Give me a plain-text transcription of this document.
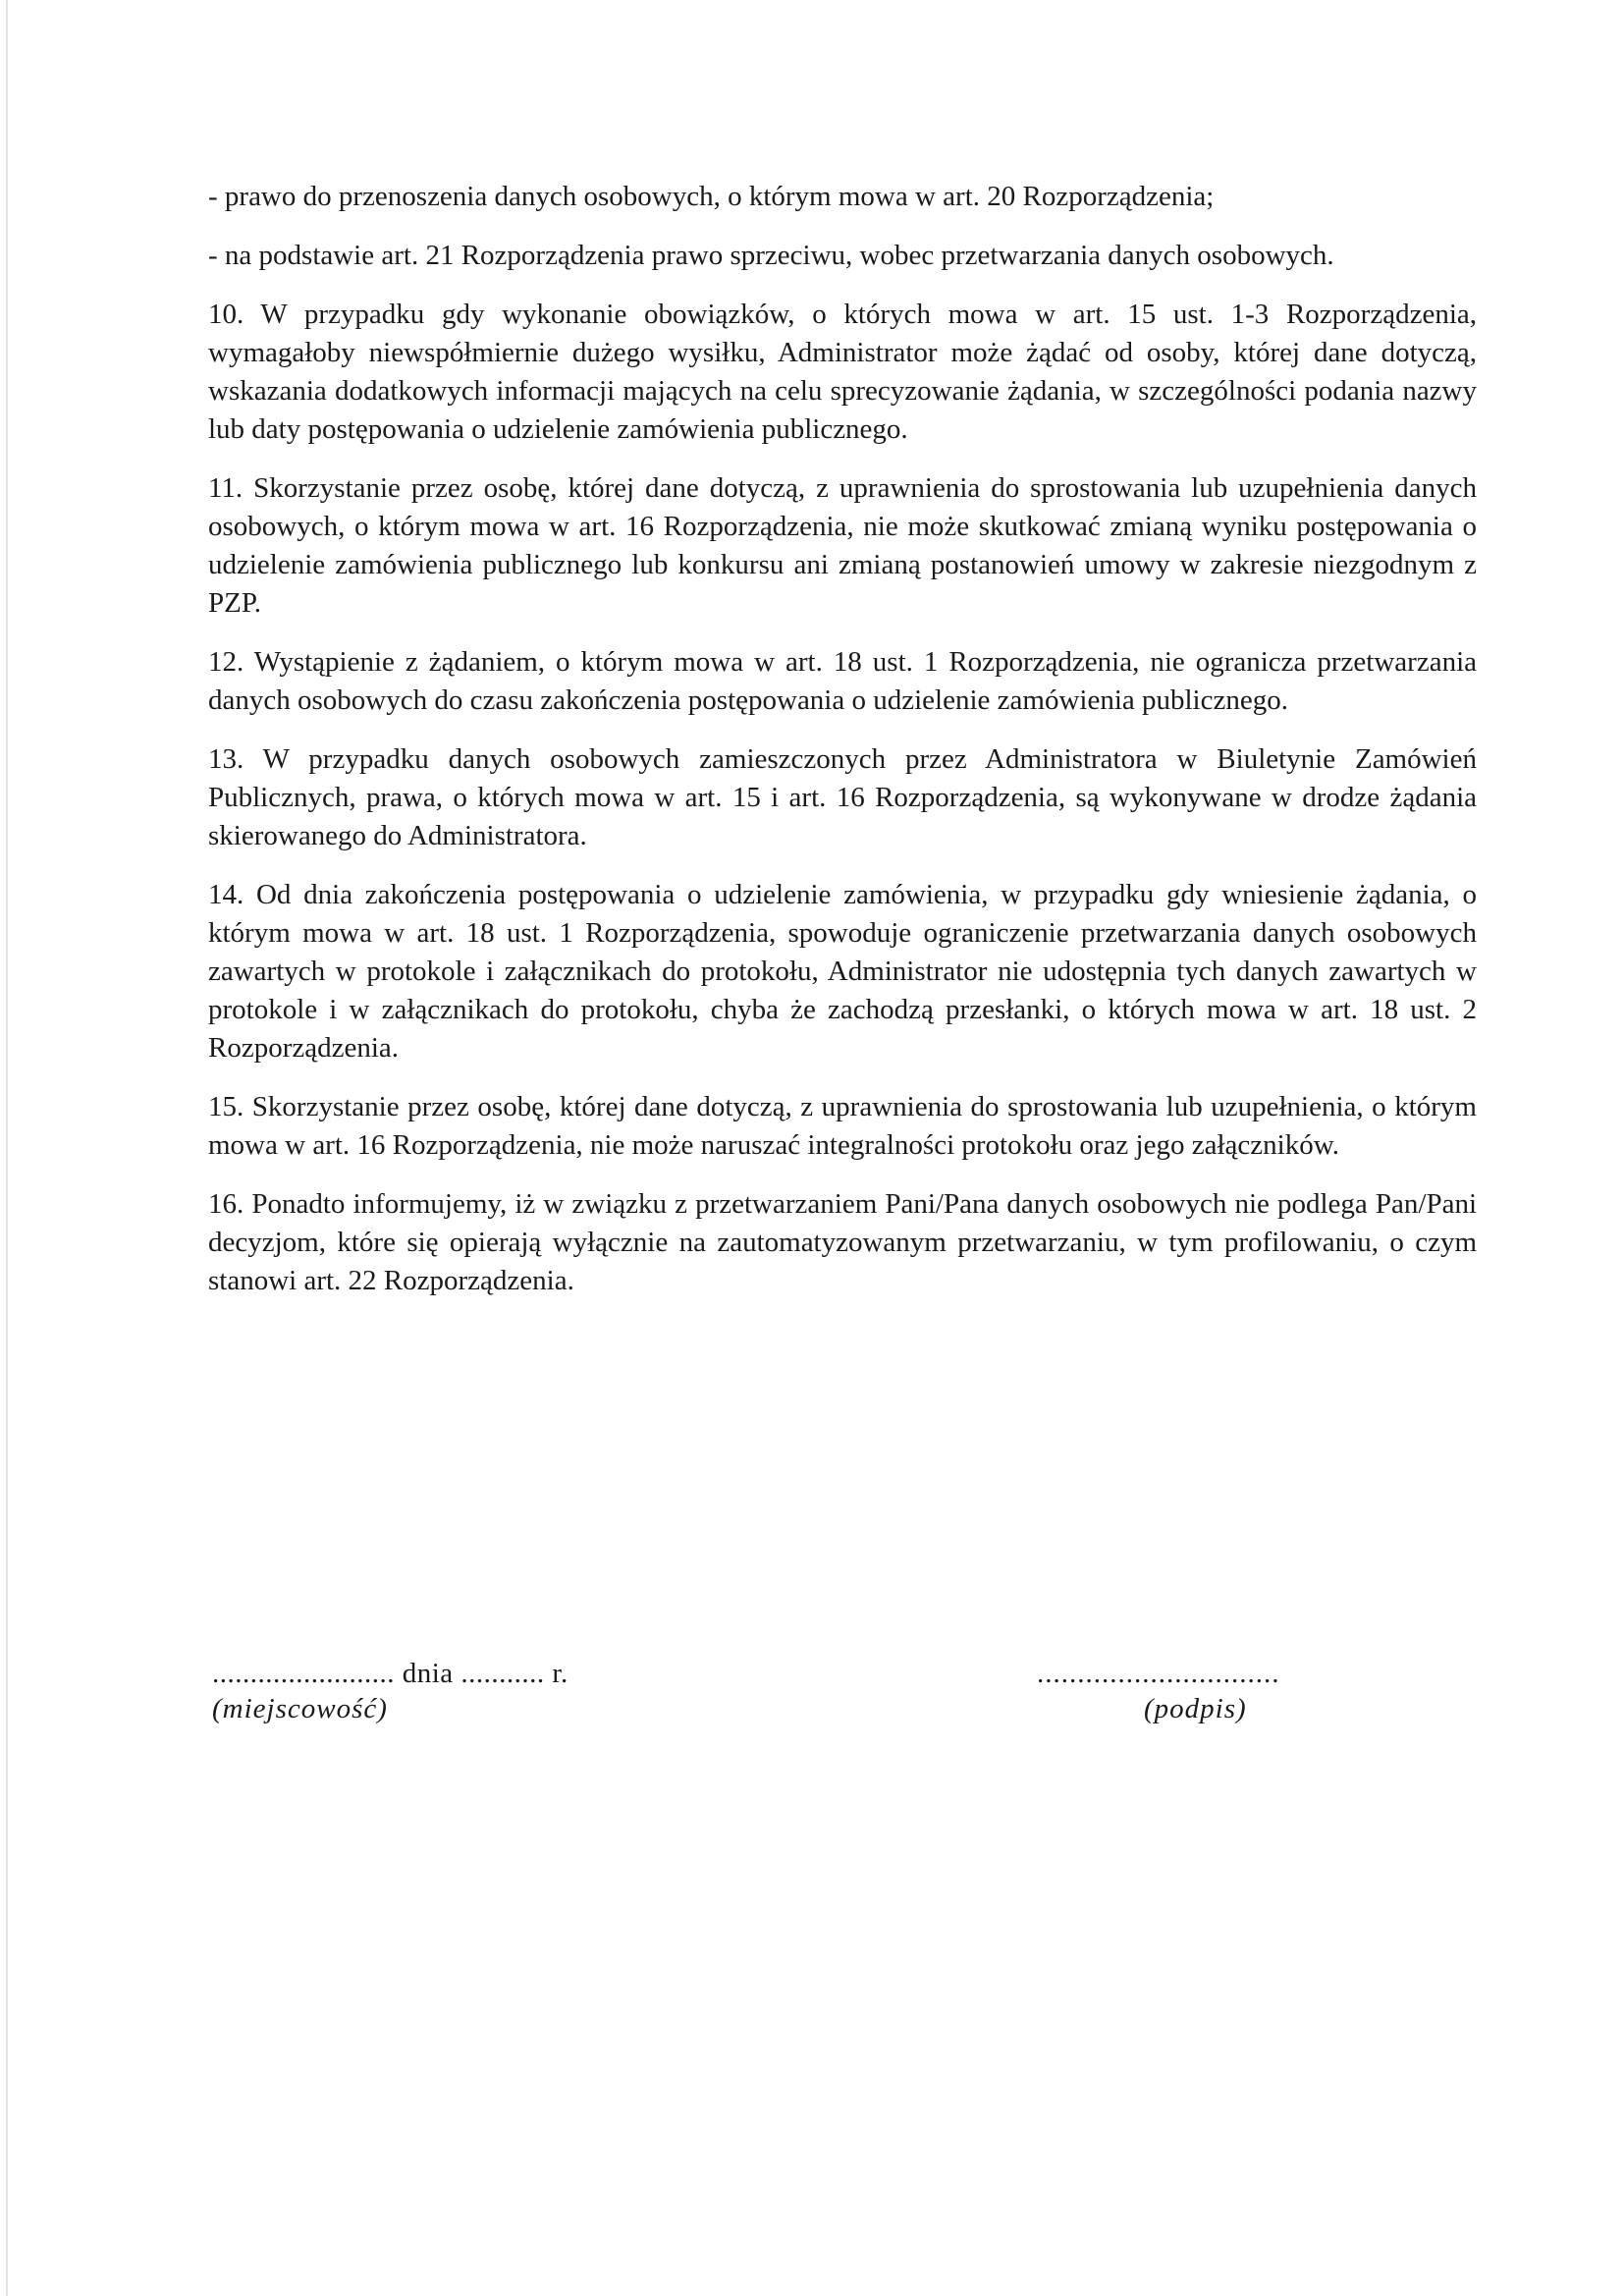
- prawo do przenoszenia danych osobowych, o którym mowa w art. 20 Rozporządzenia;

- na podstawie art. 21 Rozporządzenia prawo sprzeciwu, wobec przetwarzania danych osobowych.

10. W przypadku gdy wykonanie obowiązków, o których mowa w art. 15 ust. 1-3 Rozporządzenia, wymagałoby niewspółmiernie dużego wysiłku, Administrator może żądać od osoby, której dane dotyczą, wskazania dodatkowych informacji mających na celu sprecyzowanie żądania, w szczególności podania nazwy lub daty postępowania o udzielenie zamówienia publicznego.

11. Skorzystanie przez osobę, której dane dotyczą, z uprawnienia do sprostowania lub uzupełnienia danych osobowych, o którym mowa w art. 16 Rozporządzenia, nie może skutkować zmianą wyniku postępowania o udzielenie zamówienia publicznego lub konkursu ani zmianą postanowień umowy w zakresie niezgodnym z PZP.

12. Wystąpienie z żądaniem, o którym mowa w art. 18 ust. 1 Rozporządzenia, nie ogranicza przetwarzania danych osobowych do czasu zakończenia postępowania o udzielenie zamówienia publicznego.

13. W przypadku danych osobowych zamieszczonych przez Administratora w Biuletynie Zamówień Publicznych, prawa, o których mowa w art. 15 i art. 16 Rozporządzenia, są wykonywane w drodze żądania skierowanego do Administratora.

14. Od dnia zakończenia postępowania o udzielenie zamówienia, w przypadku gdy wniesienie żądania, o którym mowa w art. 18 ust. 1 Rozporządzenia, spowoduje ograniczenie przetwarzania danych osobowych zawartych w protokole i załącznikach do protokołu, Administrator nie udostępnia tych danych zawartych w protokole i w załącznikach do protokołu, chyba że zachodzą przesłanki, o których mowa w art. 18 ust. 2 Rozporządzenia.

15. Skorzystanie przez osobę, której dane dotyczą, z uprawnienia do sprostowania lub uzupełnienia, o którym mowa w art. 16 Rozporządzenia, nie może naruszać integralności protokołu oraz jego załączników.

16. Ponadto informujemy, iż w związku z przetwarzaniem Pani/Pana danych osobowych nie podlega Pan/Pani decyzjom, które się opierają wyłącznie na zautomatyzowanym przetwarzaniu, w tym profilowaniu, o czym stanowi art. 22 Rozporządzenia.

........................ dnia ........... r.
(miejscowość)
..............................
(podpis)
